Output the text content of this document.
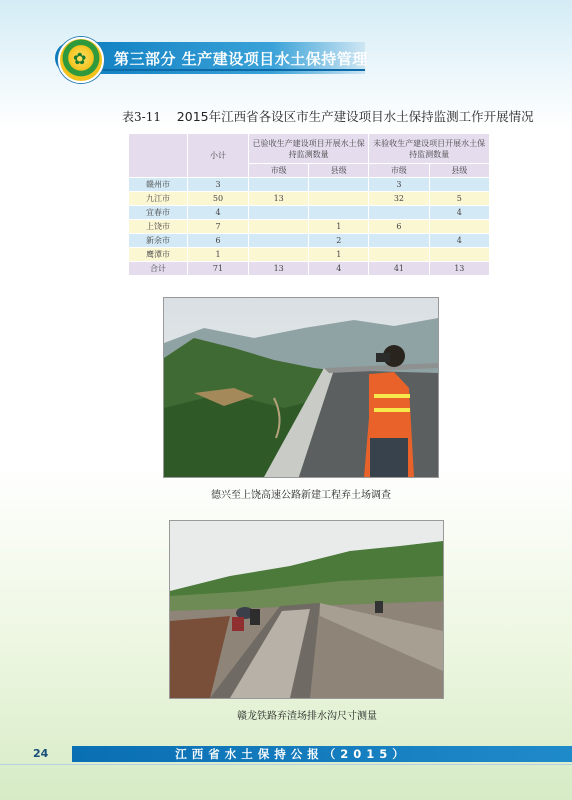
✿
第三部分 生产建设项目水土保持管理
表3-11 2015年江西省各设区市生产建设项目水土保持监测工作开展情况
	小计	已验收生产建设项目开展水土保持监测数量		未验收生产建设项目开展水土保持监测数量	
		市级	县级	市级	县级
赣州市	3			3	
九江市	50	13		32	5
宜春市	4				4
上饶市	7		1	6	
新余市	6		2		4
鹰潭市	1		1		
合计	71	13	4	41	13
德兴至上饶高速公路新建工程弃土场调查
赣龙铁路弃渣场排水沟尺寸测量
江西省水土保持公报（2015）
24
